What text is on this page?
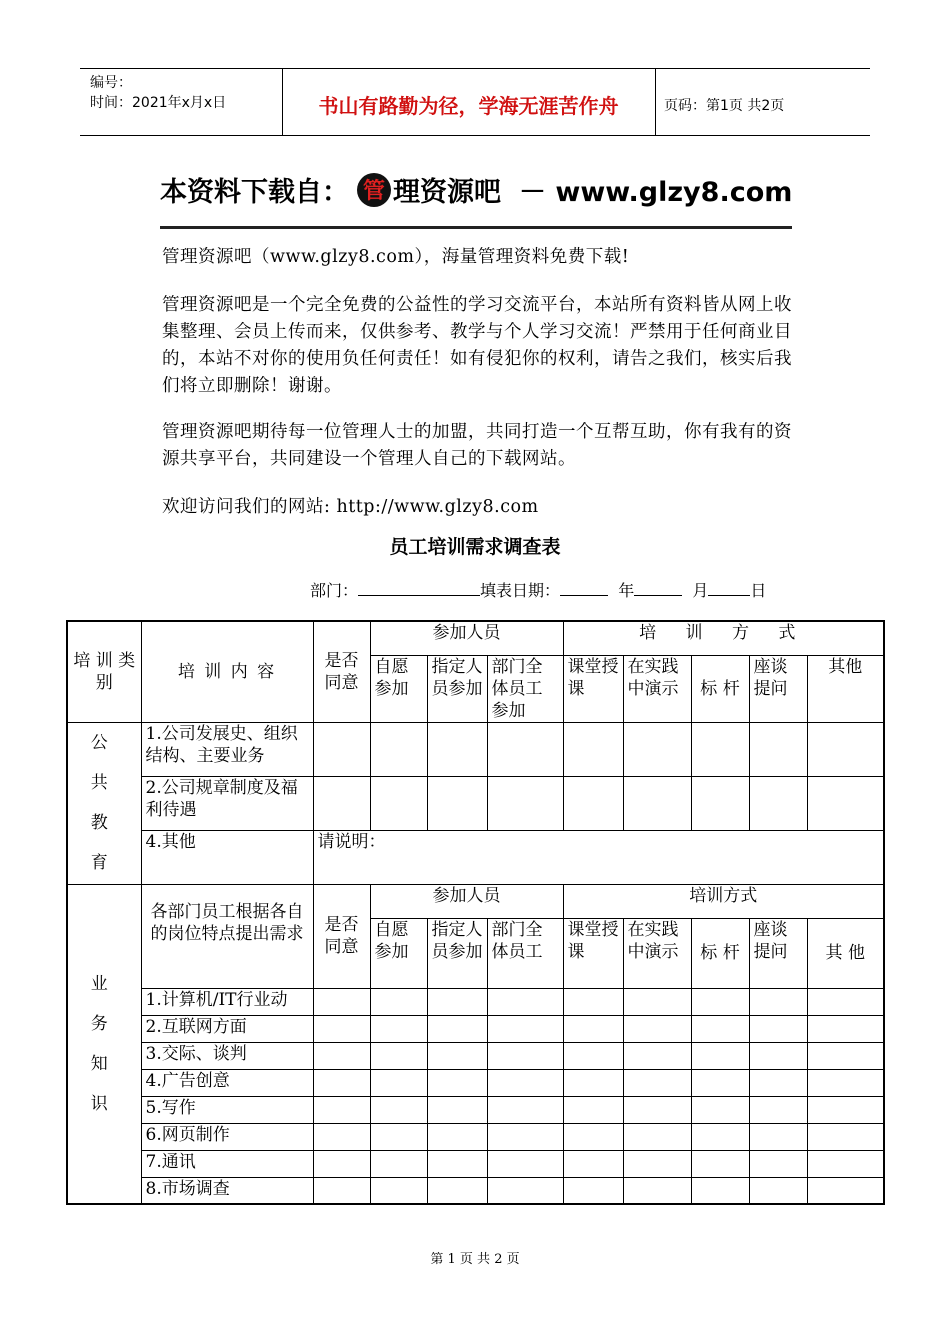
编号：
时间：2021年x月x日	书山有路勤为径，学海无涯苦作舟	页码：第1页 共2页
本资料下载自： 管 理资源吧 － www.glzy8.com
管理资源吧（www.glzy8.com），海量管理资料免费下载!
管理资源吧是一个完全免费的公益性的学习交流平台，本站所有资料皆从网上收集整理、会员上传而来，仅供参考、教学与个人学习交流！严禁用于任何商业目的，本站不对你的使用负任何责任！如有侵犯你的权利，请告之我们，核实后我们将立即删除！谢谢。
管理资源吧期待每一位管理人士的加盟，共同打造一个互帮互助，你有我有的资源共享平台，共同建设一个管理人自己的下载网站。
欢迎访问我们的网站: http://www.glzy8.com
员工培训需求调查表
部门：	填表日期：	年	月	日
培 训 类 别	培 训 内 容	是否同意	参加人员			培 训 方 式				
			自愿参加	指定人员参加	部门全体员工参加	课堂授课	在实践中演示	标 杆	座谈提问	其他
公 共 教 育	1.公司发展史、组织结构、主要业务									
	2.公司规章制度及福利待遇									
	4.其他	请说明：								
业 务 知 识	各部门员工根据各自的岗位特点提出需求	是否同意	参加人员			培训方式				
			自愿参加	指定人员参加	部门全体员工	课堂授课	在实践中演示	标 杆	座谈提问	其 他
	1.计算机/IT行业动									
	2.互联网方面									
	3.交际、谈判									
	4.广告创意									
	5.写作									
	6.网页制作									
	7.通讯									
	8.市场调查									
第 1 页 共 2 页
